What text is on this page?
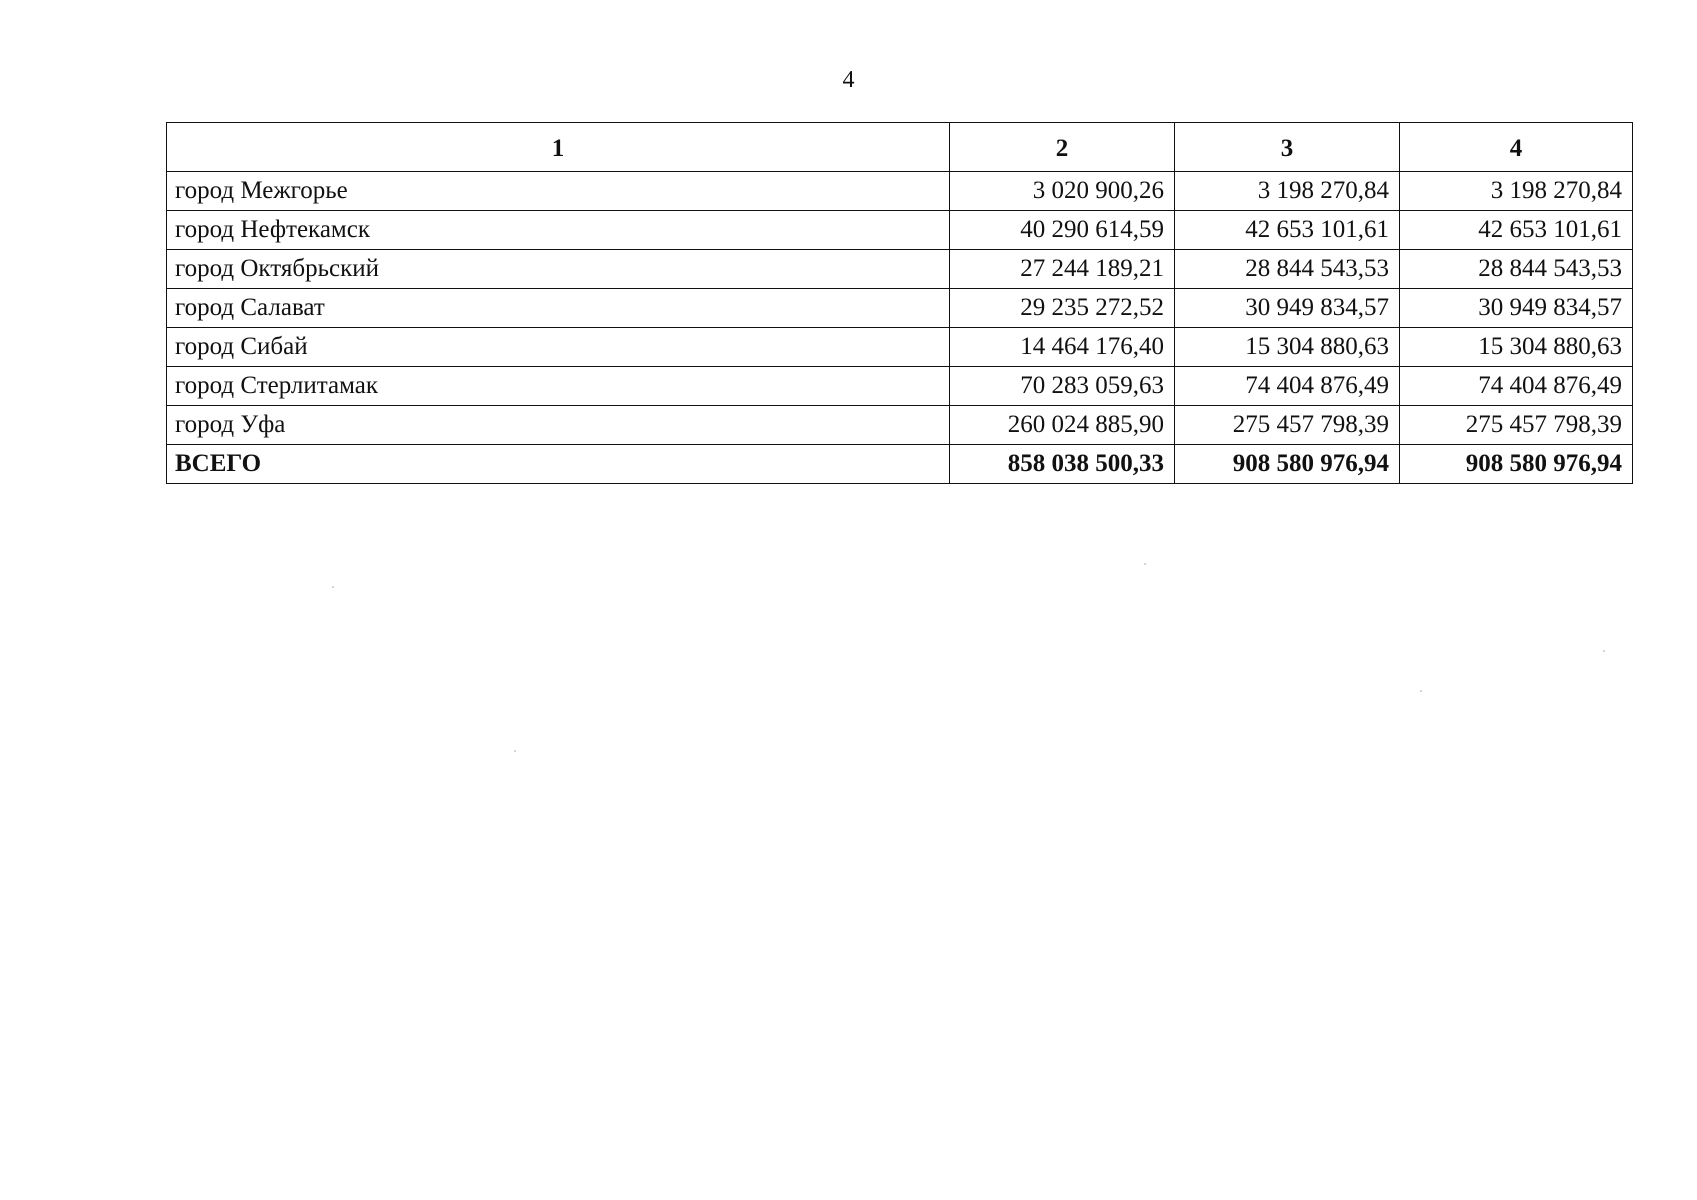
4
1	2	3	4
город Межгорье	3 020 900,26	3 198 270,84	3 198 270,84
город Нефтекамск	40 290 614,59	42 653 101,61	42 653 101,61
город Октябрьский	27 244 189,21	28 844 543,53	28 844 543,53
город Салават	29 235 272,52	30 949 834,57	30 949 834,57
город Сибай	14 464 176,40	15 304 880,63	15 304 880,63
город Стерлитамак	70 283 059,63	74 404 876,49	74 404 876,49
город Уфа	260 024 885,90	275 457 798,39	275 457 798,39
ВСЕГО	858 038 500,33	908 580 976,94	908 580 976,94
